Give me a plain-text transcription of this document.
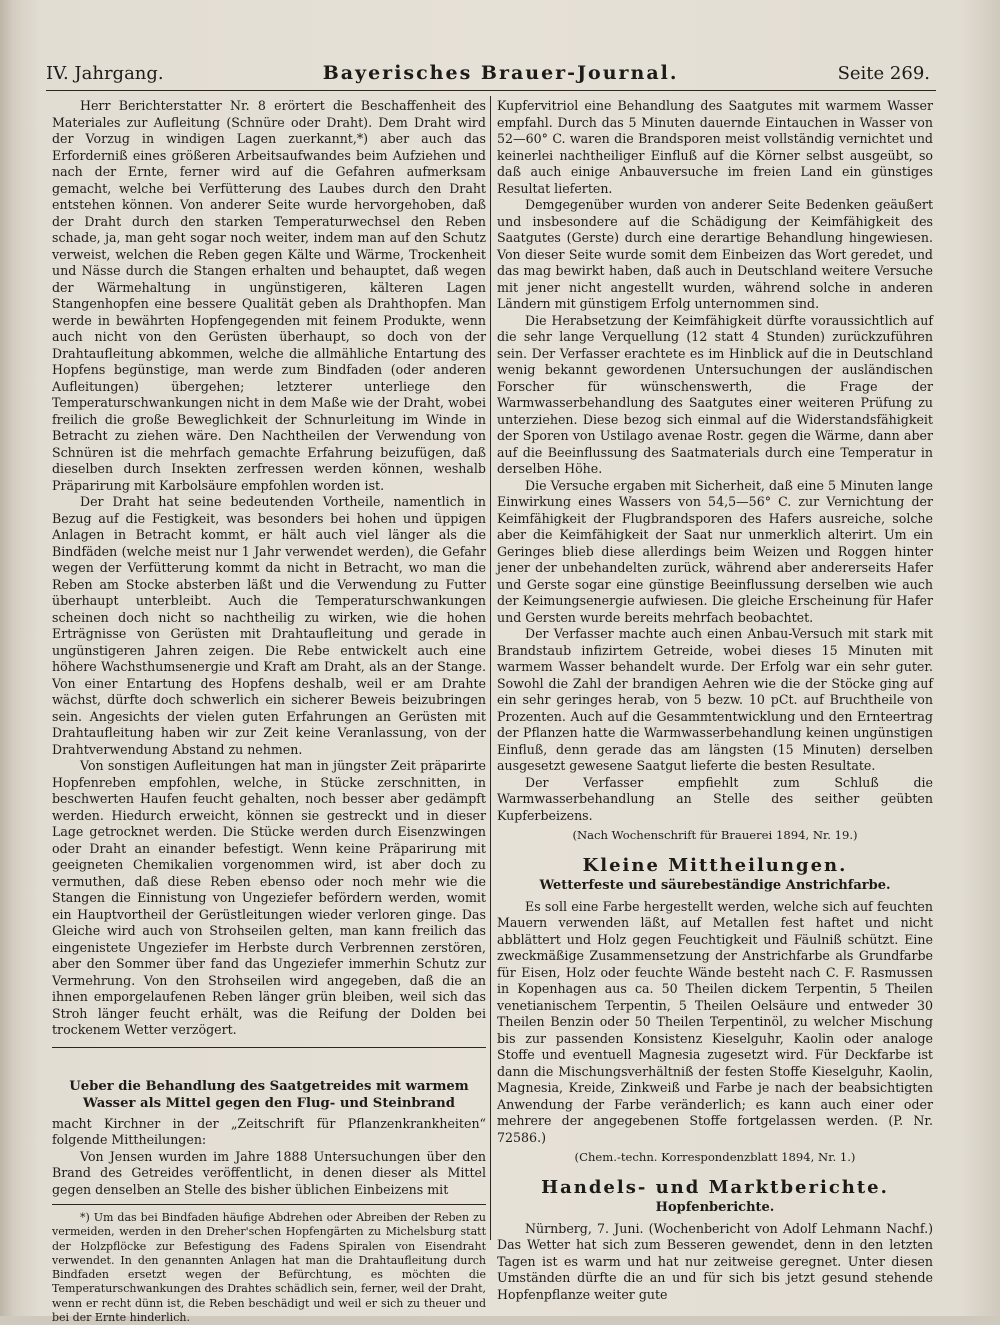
IV. Jahrgang.	Bayerisches Brauer-Journal.	Seite 269.

Herr Berichterstatter Nr. 8 erörtert die Beschaffenheit des Materiales zur Aufleitung (Schnüre oder Draht). Dem Draht wird der Vorzug in windigen Lagen zuerkannt,*) aber auch das Erforderniß eines größeren Arbeitsaufwandes beim Aufziehen und nach der Ernte, ferner wird auf die Gefahren aufmerksam gemacht, welche bei Verfütterung des Laubes durch den Draht entstehen können. Von anderer Seite wurde hervorgehoben, daß der Draht durch den starken Temperaturwechsel den Reben schade, ja, man geht sogar noch weiter, indem man auf den Schutz verweist, welchen die Reben gegen Kälte und Wärme, Trockenheit und Nässe durch die Stangen erhalten und behauptet, daß wegen der Wärmehaltung in ungünstigeren, kälteren Lagen Stangenhopfen eine bessere Qualität geben als Drahthopfen. Man werde in bewährten Hopfengegenden mit feinem Produkte, wenn auch nicht von den Gerüsten überhaupt, so doch von der Drahtaufleitung abkommen, welche die allmähliche Entartung des Hopfens begünstige, man werde zum Bindfaden (oder anderen Aufleitungen) übergehen; letzterer unterliege den Temperaturschwankungen nicht in dem Maße wie der Draht, wobei freilich die große Beweglichkeit der Schnurleitung im Winde in Betracht zu ziehen wäre. Den Nachtheilen der Verwendung von Schnüren ist die mehrfach gemachte Erfahrung beizufügen, daß dieselben durch Insekten zerfressen werden können, weshalb Präparirung mit Karbolsäure empfohlen worden ist.

Der Draht hat seine bedeutenden Vortheile, namentlich in Bezug auf die Festigkeit, was besonders bei hohen und üppigen Anlagen in Betracht kommt, er hält auch viel länger als die Bindfäden (welche meist nur 1 Jahr verwendet werden), die Gefahr wegen der Verfütterung kommt da nicht in Betracht, wo man die Reben am Stocke absterben läßt und die Verwendung zu Futter überhaupt unterbleibt. Auch die Temperaturschwankungen scheinen doch nicht so nachtheilig zu wirken, wie die hohen Erträgnisse von Gerüsten mit Drahtaufleitung und gerade in ungünstigeren Jahren zeigen. Die Rebe entwickelt auch eine höhere Wachsthumsenergie und Kraft am Draht, als an der Stange. Von einer Entartung des Hopfens deshalb, weil er am Drahte wächst, dürfte doch schwerlich ein sicherer Beweis beizubringen sein. Angesichts der vielen guten Erfahrungen an Gerüsten mit Drahtaufleitung haben wir zur Zeit keine Veranlassung, von der Drahtverwendung Abstand zu nehmen.

Von sonstigen Aufleitungen hat man in jüngster Zeit präparirte Hopfenreben empfohlen, welche, in Stücke zerschnitten, in beschwerten Haufen feucht gehalten, noch besser aber gedämpft werden. Hiedurch erweicht, können sie gestreckt und in dieser Lage getrocknet werden. Die Stücke werden durch Eisenzwingen oder Draht an einander befestigt. Wenn keine Präparirung mit geeigneten Chemikalien vorgenommen wird, ist aber doch zu vermuthen, daß diese Reben ebenso oder noch mehr wie die Stangen die Einnistung von Ungeziefer befördern werden, womit ein Hauptvortheil der Gerüstleitungen wieder verloren ginge. Das Gleiche wird auch von Strohseilen gelten, man kann freilich das eingenistete Ungeziefer im Herbste durch Verbrennen zerstören, aber den Sommer über fand das Ungeziefer immerhin Schutz zur Vermehrung. Von den Strohseilen wird angegeben, daß die an ihnen emporgelaufenen Reben länger grün bleiben, weil sich das Stroh länger feucht erhält, was die Reifung der Dolden bei trockenem Wetter verzögert.

Ueber die Behandlung des Saatgetreides mit warmem Wasser als Mittel gegen den Flug- und Steinbrand

macht Kirchner in der „Zeitschrift für Pflanzenkrankheiten“ folgende Mittheilungen:

Von Jensen wurden im Jahre 1888 Untersuchungen über den Brand des Getreides veröffentlicht, in denen dieser als Mittel gegen denselben an Stelle des bisher üblichen Einbeizens mit

*) Um das bei Bindfaden häufige Abdrehen oder Abreiben der Reben zu vermeiden, werden in den Dreher'schen Hopfengärten zu Michelsburg statt der Holzpflöcke zur Befestigung des Fadens Spiralen von Eisendraht verwendet. In den genannten Anlagen hat man die Drahtaufleitung durch Bindfaden ersetzt wegen der Befürchtung, es möchten die Temperaturschwankungen des Drahtes schädlich sein, ferner, weil der Draht, wenn er recht dünn ist, die Reben beschädigt und weil er sich zu theuer und bei der Ernte hinderlich.

Kupfervitriol eine Behandlung des Saatgutes mit warmem Wasser empfahl. Durch das 5 Minuten dauernde Eintauchen in Wasser von 52—60° C. waren die Brandsporen meist vollständig vernichtet und keinerlei nachtheiliger Einfluß auf die Körner selbst ausgeübt, so daß auch einige Anbauversuche im freien Land ein günstiges Resultat lieferten.

Demgegenüber wurden von anderer Seite Bedenken geäußert und insbesondere auf die Schädigung der Keimfähigkeit des Saatgutes (Gerste) durch eine derartige Behandlung hingewiesen. Von dieser Seite wurde somit dem Einbeizen das Wort geredet, und das mag bewirkt haben, daß auch in Deutschland weitere Versuche mit jener nicht angestellt wurden, während solche in anderen Ländern mit günstigem Erfolg unternommen sind.

Die Herabsetzung der Keimfähigkeit dürfte voraussichtlich auf die sehr lange Verquellung (12 statt 4 Stunden) zurückzuführen sein. Der Verfasser erachtete es im Hinblick auf die in Deutschland wenig bekannt gewordenen Untersuchungen der ausländischen Forscher für wünschenswerth, die Frage der Warmwasserbehandlung des Saatgutes einer weiteren Prüfung zu unterziehen. Diese bezog sich einmal auf die Widerstandsfähigkeit der Sporen von Ustilago avenae Rostr. gegen die Wärme, dann aber auf die Beeinflussung des Saatmaterials durch eine Temperatur in derselben Höhe.

Die Versuche ergaben mit Sicherheit, daß eine 5 Minuten lange Einwirkung eines Wassers von 54,5—56° C. zur Vernichtung der Keimfähigkeit der Flugbrandsporen des Hafers ausreiche, solche aber die Keimfähigkeit der Saat nur unmerklich alterirt. Um ein Geringes blieb diese allerdings beim Weizen und Roggen hinter jener der unbehandelten zurück, während aber andererseits Hafer und Gerste sogar eine günstige Beeinflussung derselben wie auch der Keimungsenergie aufwiesen. Die gleiche Erscheinung für Hafer und Gersten wurde bereits mehrfach beobachtet.

Der Verfasser machte auch einen Anbau-Versuch mit stark mit Brandstaub infizirtem Getreide, wobei dieses 15 Minuten mit warmem Wasser behandelt wurde. Der Erfolg war ein sehr guter. Sowohl die Zahl der brandigen Aehren wie die der Stöcke ging auf ein sehr geringes herab, von 5 bezw. 10 pCt. auf Bruchtheile von Prozenten. Auch auf die Gesammtentwicklung und den Ernteertrag der Pflanzen hatte die Warmwasserbehandlung keinen ungünstigen Einfluß, denn gerade das am längsten (15 Minuten) derselben ausgesetzt gewesene Saatgut lieferte die besten Resultate.

Der Verfasser empfiehlt zum Schluß die Warmwasserbehandlung an Stelle des seither geübten Kupferbeizens.

(Nach Wochenschrift für Brauerei 1894, Nr. 19.)
Kleine Mittheilungen.
Wetterfeste und säurebeständige Anstrichfarbe.

Es soll eine Farbe hergestellt werden, welche sich auf feuchten Mauern verwenden läßt, auf Metallen fest haftet und nicht abblättert und Holz gegen Feuchtigkeit und Fäulniß schützt. Eine zweckmäßige Zusammensetzung der Anstrichfarbe als Grundfarbe für Eisen, Holz oder feuchte Wände besteht nach C. F. Rasmussen in Kopenhagen aus ca. 50 Theilen dickem Terpentin, 5 Theilen venetianischem Terpentin, 5 Theilen Oelsäure und entweder 30 Theilen Benzin oder 50 Theilen Terpentinöl, zu welcher Mischung bis zur passenden Konsistenz Kieselguhr, Kaolin oder analoge Stoffe und eventuell Magnesia zugesetzt wird. Für Deckfarbe ist dann die Mischungsverhältniß der festen Stoffe Kieselguhr, Kaolin, Magnesia, Kreide, Zinkweiß und Farbe je nach der beabsichtigten Anwendung der Farbe veränderlich; es kann auch einer oder mehrere der angegebenen Stoffe fortgelassen werden. (P. Nr. 72586.)

(Chem.-techn. Korrespondenzblatt 1894, Nr. 1.)
Handels- und Marktberichte.
Hopfenberichte.

Nürnberg, 7. Juni. (Wochenbericht von Adolf Lehmann Nachf.) Das Wetter hat sich zum Besseren gewendet, denn in den letzten Tagen ist es warm und hat nur zeitweise geregnet. Unter diesen Umständen dürfte die an und für sich bis jetzt gesund stehende Hopfenpflanze weiter gute
